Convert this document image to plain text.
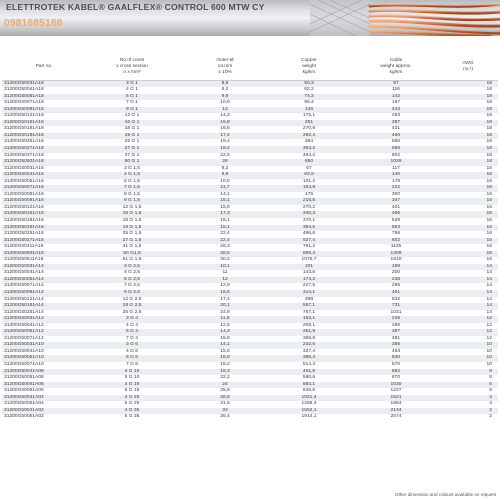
ELETTROTEK KABEL® GAALFLEX® CONTROL 600 MTW CY
0981685188
Part no.	No of cores
x cross section
n x mm²	Outer-Ø
ca.mm
± 10%	Copper
weight
kg/km	Cable
weight approx.
kg/km	AWG
no.¹)
31200G50031A18	3 G 1	8,5	50,3	97	18
31200G50041A18	4 G 1	9,2	62,2	116	18
31200G50051A18	5 G 1	9,9	74,3	142	18
31200G50071A18	7 G 1	10,6	96,4	167	18
31200G50091A18	9 G 1	13	146	244	18
31200G50121A18	12 G 1	14,3	175,1	293	18
31200G50161A18	16 G 1	15,9	251	387	18
31200G50181A18	18 G 1	16,6	270,9	431	18
31200G50191A18	19 G 1	17,4	292,4	460	18
31200G50251A18	25 G 1	19,4	364	560	18
31200G50271A18	27 G 1	19,4	363,2	586	18
31200G50371A18	37 G 1	22,6	494,2	802	18
31200G50501A18	50 G 1	26	650	1029	18
31200G50031A16	3 G 1,5	9,2	67	117	16
31200G50041A16	4 G 1,5	9,9	83,9	140	16
31200G50051A16	5 G 1,5	10,5	101,2	178	16
31200G50071A16	7 G 1,5	11,7	154,8	222	16
31200G50081A16	8 G 1,5	14,1	175	300	16
31200G50091A16	9 G 1,5	15,1	215,5	347	16
31200G50121A16	12 G 1,5	15,9	270,2	401	16
31200G50161A16	16 G 1,5	17,3	340,3	496	16
31200G50181A16	18 G 1,5	18,1	370,1	539	16
31200G50191A16	19 G 1,5	18,1	384,5	553	16
31200G50251A16	25 G 1,5	22,4	496,6	766	16
31200G50271A16	27 G 1,5	22,4	527,4	802	16
31200G50411A16	41 G 1,5	26,3	761,2	1125	16
31200G50501A16	50 G1,5	28,5	896,4	1309	16
31200G50611A16	61 G 1,5	30,2	1075,7	1540	16
31200G50031A14	3 G 2,5	10,1	101	169	14
31200G50041A14	4 G 2,5	11	143,6	200	14
31200G50051A14	5 G 2,5	12	174,2	236	14
31200G50071A14	7 G 2,5	12,9	227,5	295	14
31200G50091A14	9 G 2,5	16,6	314,1	451	14
31200G50121A14	12 G 2,5	17,4	398	532	14
31200G50181A14	18 G 2,5	20,1	557,1	731	14
31200G50251A14	25 G 2,5	24,8	767,1	1031	14
31200G50031A12	3 G 4	11,5	163,1	239	12
31200G50041A12	4 G 4	12,5	208,1	289	12
31200G50051A12	5 G 4	14,3	251,9	367	12
31200G50071A12	7 G 4	15,6	365,9	481	12
31200G50031A10	3 G 6	14,1	232,6	356	10
31200G50041A10	4 G 6	15,5	327,4	453	10
31200G50051A10	5 G 6	16,9	386,4	530	10
31200G50071A10	7 G 6	18,2	514,3	670	10
31200G50041A08	4 G 10	19,3	461,8	682	8
31200G50051A08	5 G 10	22,2	560,6	870	8
31200G50041A06	4 G 16	24	683,1	1030	6
31200G50051A06	5 G 16	25,9	846,6	1237	6
31200G50041A04	4 G 25	28,6	1021,4	1521	4
31200G50051A04	5 G 25	31,5	1258,3	1864	4
31200G50041A02	4 G 35	33	1552,1	2134	2
31200G50051A02	5 G 35	36,4	1914,1	2574	2
Other dimension and colours available on request
